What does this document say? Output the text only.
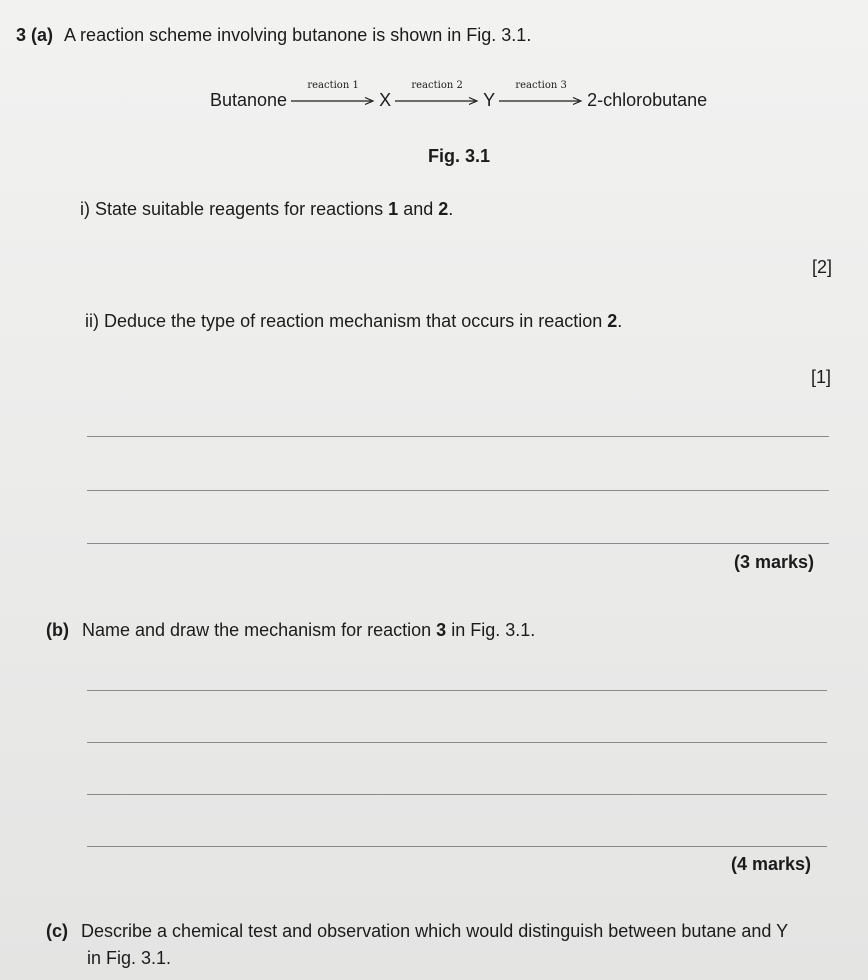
3 (a) A reaction scheme involving butanone is shown in Fig. 3.1.
Butanone
reaction 1
X
reaction 2
Y
reaction 3
2-chlorobutane
Fig. 3.1
i) State suitable reagents for reactions 1 and 2.
[2]
ii) Deduce the type of reaction mechanism that occurs in reaction 2.
[1]
(3 marks)
(b) Name and draw the mechanism for reaction 3 in Fig. 3.1.
(4 marks)
(c) Describe a chemical test and observation which would distinguish between butane and Y
in Fig. 3.1.
